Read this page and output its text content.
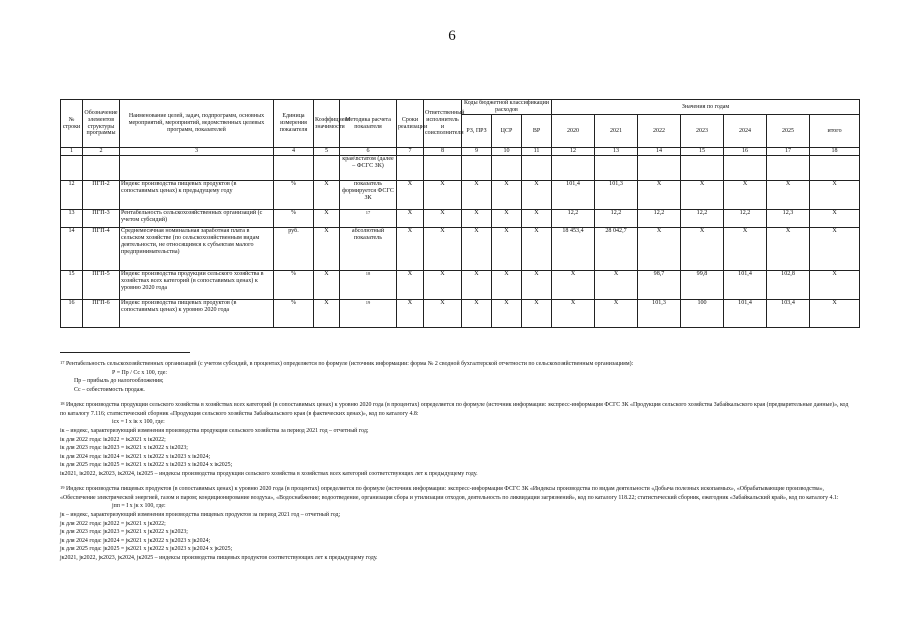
6
№ строки	Обозначение элементов структуры программы	Наименование целей, задач, подпрограмм, основных мероприятий, мероприятий, ведомственных целевых программ, показателей	Единица измерения показателя	Коэффициент значимости	Методика расчета показателя	Сроки реализации	Ответственный исполнитель и соисполнители	Коды бюджетной классификации расходов			Значения по годам						
								РЗ, ПРЗ	ЦСР	ВР	2020	2021	2022	2023	2024	2025	итого
1	2	3	4	5	6	7	8	9	10	11	12	13	14	15	16	17	18
					края\nстатом (далее – ФСГС ЗК)												
12	ПГП-2	Индекс производства пищевых продуктов (в сопоставимых ценах) к предыдущему году	%	X	показатель формируется ФСГС ЗК	X	X	X	X	X	101,4	101,3	X	X	X	X	X
13	ПГП-3	Рентабельность сельскохозяйственных организаций (с учетом субсидий)	%	X	$^{17}$	X	X	X	X	X	12,2	12,2	12,2	12,2	12,2	12,3	X
14	ПГП-4	Среднемесячная номинальная заработная плата в сельском хозяйстве (по сельскохозяйственным видам деятельности, не относящимся к субъектам малого предпринимательства)	руб.	X	абсолютный показатель	X	X	X	X	X	18 453,4	28 042,7	X	X	X	X	X
15	ПГП-5	Индекс производства продукции сельского хозяйства в хозяйствах всех категорий (в сопоставимых ценах) к уровню 2020 года	%	X	$^{18}$	X	X	X	X	X	X	X	98,7	99,8	101,4	102,8	X
16	ПГП-6	Индекс производства пищевых продуктов (в сопоставимых ценах) к уровню 2020 года	%	X	$^{19}$	X	X	X	X	X	X	X	101,3	100	101,4	103,4	X

$^{17}$ Рентабельность сельскохозяйственных организаций (с учетом субсидий, в процентах) определяется по формуле (источник информации: форма № 2 сводной бухгалтерской отчетности по сельскохозяйственным организациям):

Р = Пр / Сс x 100, где:

Пр – прибыль до налогообложения;

Сс – себестоимость продаж.

$^{18}$ Индекс производства продукции сельского хозяйства в хозяйствах всех категорий (в сопоставимых ценах) к уровню 2020 года (в процентах) определяется по формуле (источник информации: экспресс-информация ФСГС ЗК «Продукция сельского хозяйства Забайкальского края (предварительные данные)», код по каталогу 7.116; статистический сборник «Продукция сельского хозяйства Забайкальского края (в фактических ценах)», код по каталогу 4.8:

iсх = I x iк x 100, где:

iк – индекс, характеризующий изменения производства продукции сельского хозяйства за период 2021 год – отчетный год;

iк для 2022 года: iк2022 = iк2021 x iк2022;

iк для 2023 года: iк2023 = iк2021 x iк2022 x iк2023;

iк для 2024 года: iк2024 = iк2021 x iк2022 x iк2023 x iк2024;

iк для 2025 года: iк2025 = iк2021 x iк2022 x iк2023 x iк2024 x iк2025;

iк2021, iк2022, iк2023, iк2024, iк2025 – индексы производства продукции сельского хозяйства в хозяйствах всех категорий соответствующих лет к предыдущему году.

$^{19}$ Индекс производства пищевых продуктов (в сопоставимых ценах) к уровню 2020 года (в процентах) определяется по формуле (источник информации: экспресс-информация ФСГС ЗК «Индексы производства по видам деятельности «Добыча полезных ископаемых», «Обрабатывающие производства», «Обеспечение электрической энергией, газом и паром; кондиционирование воздуха», «Водоснабжение; водоотведение, организация сбора и утилизации отходов, деятельность по ликвидации загрязнений», код по каталогу 118.22; статистический сборник, ежегодник «Забайкальский край», код по каталогу 4.1:

jпп = I x jк x 100, где:

jк – индекс, характеризующий изменения производства пищевых продуктов за период 2021 год – отчетный год;

jк для 2022 года: jк2022 = jк2021 x jк2022;

jк для 2023 года: jк2023 = jк2021 x jк2022 x jк2023;

jк для 2024 года: jк2024 = jк2021 x jк2022 x jк2023 x jк2024;

jк для 2025 года: jк2025 = jк2021 x jк2022 x jк2023 x jк2024 x jк2025;

jк2021, jк2022, jк2023, jк2024, jк2025 – индексы производства пищевых продуктов соответствующих лет к предыдущему году.
